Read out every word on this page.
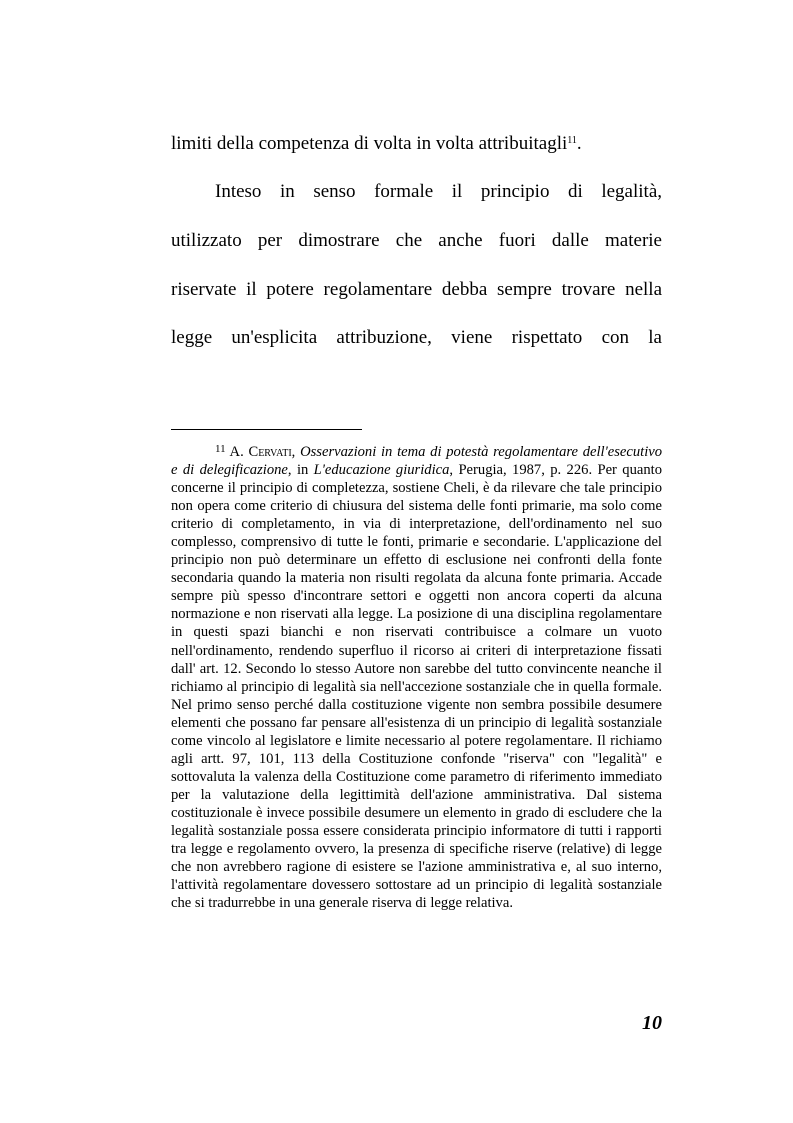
limiti della competenza di volta in volta attribuitagli$^{11}$.
Inteso in senso formale il principio di legalità,
utilizzato per dimostrare che anche fuori dalle materie
riservate il potere regolamentare debba sempre trovare nella
legge un'esplicita attribuzione, viene rispettato con la

$^{11}$ A. Cervati, Osservazioni in tema di potestà regolamentare dell'esecutivo e di delegificazione, in L'educazione giuridica, Perugia, 1987, p. 226. Per quanto concerne il principio di completezza, sostiene Cheli, è da rilevare che tale principio non opera come criterio di chiusura del sistema delle fonti primarie, ma solo come criterio di completamento, in via di interpretazione, dell'ordinamento nel suo complesso, comprensivo di tutte le fonti, primarie e secondarie. L'applicazione del principio non può determinare un effetto di esclusione nei confronti della fonte secondaria quando la materia non risulti regolata da alcuna fonte primaria. Accade sempre più spesso d'incontrare settori e oggetti non ancora coperti da alcuna normazione e non riservati alla legge. La posizione di una disciplina regolamentare in questi spazi bianchi e non riservati contribuisce a colmare un vuoto nell'ordinamento, rendendo superfluo il ricorso ai criteri di interpretazione fissati dall' art. 12. Secondo lo stesso Autore non sarebbe del tutto convincente neanche il richiamo al principio di legalità sia nell'accezione sostanziale che in quella formale. Nel primo senso perché dalla costituzione vigente non sembra possibile desumere elementi che possano far pensare all'esistenza di un principio di legalità sostanziale come vincolo al legislatore e limite necessario al potere regolamentare. Il richiamo agli artt. 97, 101, 113 della Costituzione confonde "riserva" con "legalità" e sottovaluta la valenza della Costituzione come parametro di riferimento immediato per la valutazione della legittimità dell'azione amministrativa. Dal sistema costituzionale è invece possibile desumere un elemento in grado di escludere che la legalità sostanziale possa essere considerata principio informatore di tutti i rapporti tra legge e regolamento ovvero, la presenza di specifiche riserve (relative) di legge che non avrebbero ragione di esistere se l'azione amministrativa e, al suo interno, l'attività regolamentare dovessero sottostare ad un principio di legalità sostanziale che si tradurrebbe in una generale riserva di legge relativa.

10
